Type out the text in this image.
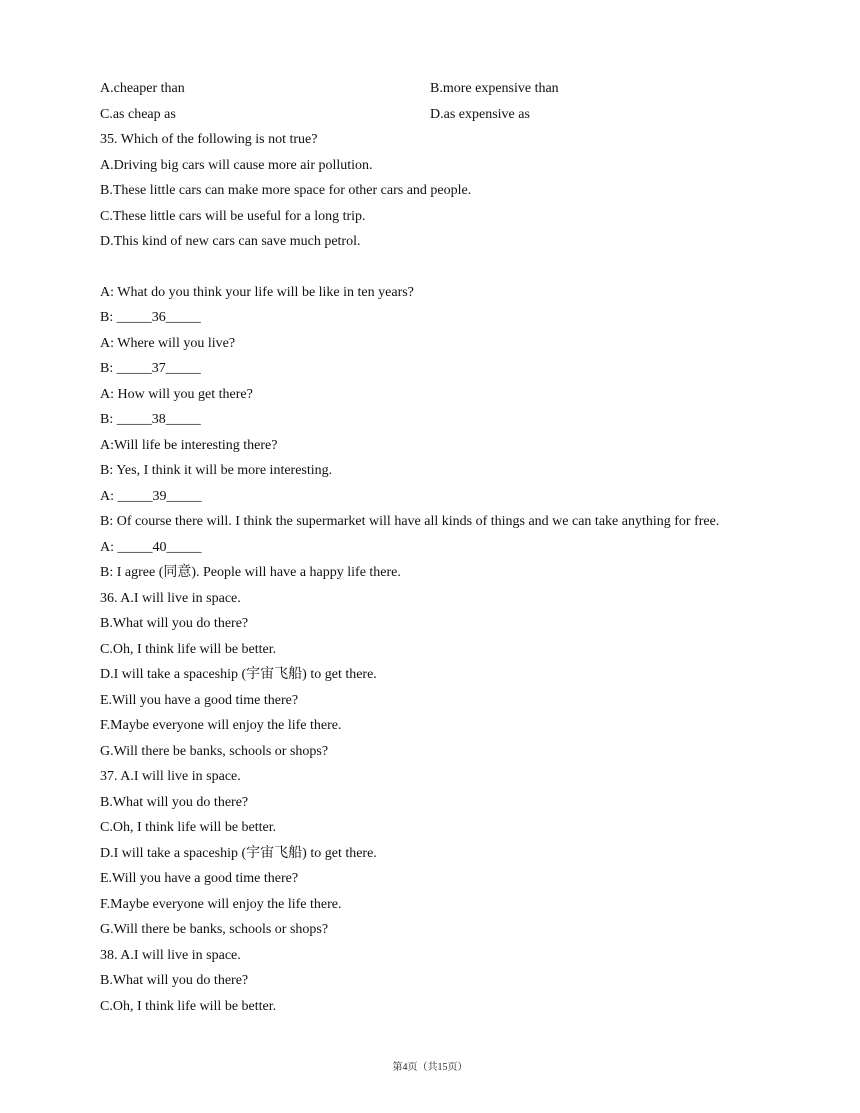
A.cheaper than	B.more expensive than
C.as cheap as	D.as expensive as
35. Which of the following is not true?
A.Driving big cars will cause more air pollution.
B.These little cars can make more space for other cars and people.
C.These little cars will be useful for a long trip.
D.This kind of new cars can save much petrol.
A: What do you think your life will be like in ten years?
B: _____36_____
A: Where will you live?
B: _____37_____
A: How will you get there?
B: _____38_____
A:Will life be interesting there?
B: Yes, I think it will be more interesting.
A: _____39_____
B: Of course there will. I think the supermarket will have all kinds of things and we can take anything for free.
A: _____40_____
B: I agree (同意). People will have a happy life there.
36. A.I will live in space.
B.What will you do there?
C.Oh, I think life will be better.
D.I will take a spaceship (宇宙飞船) to get there.
E.Will you have a good time there?
F.Maybe everyone will enjoy the life there.
G.Will there be banks, schools or shops?
37. A.I will live in space.
B.What will you do there?
C.Oh, I think life will be better.
D.I will take a spaceship (宇宙飞船) to get there.
E.Will you have a good time there?
F.Maybe everyone will enjoy the life there.
G.Will there be banks, schools or shops?
38. A.I will live in space.
B.What will you do there?
C.Oh, I think life will be better.
第4页（共15页）
